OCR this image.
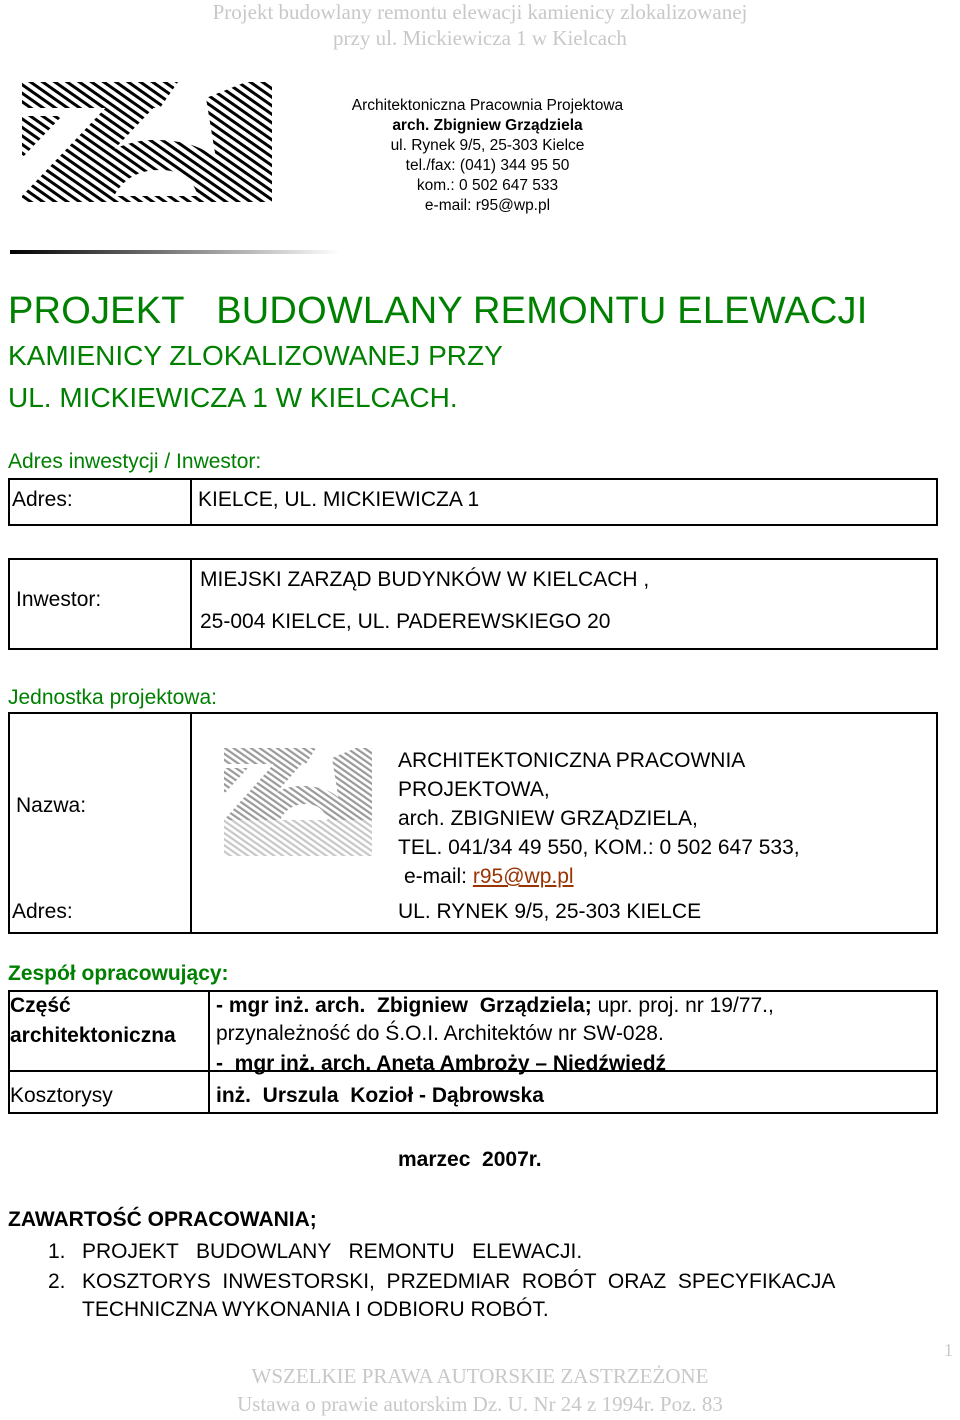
Projekt budowlany remontu elewacji kamienicy zlokalizowanej
przy ul. Mickiewicza 1 w Kielcach
Architektoniczna Pracownia Projektowa
arch. Zbigniew Grządziela
ul. Rynek 9/5, 25-303 Kielce
tel./fax: (041) 344 95 50
kom.: 0 502 647 533
e-mail: r95@wp.pl
PROJEKT   BUDOWLANY REMONTU ELEWACJI
KAMIENICY ZLOKALIZOWANEJ PRZY
UL. MICKIEWICZA 1 W KIELCACH.
Adres inwestycji / Inwestor:
Adres:	KIELCE, UL. MICKIEWICZA 1
Inwestor:
MIEJSKI ZARZĄD BUDYNKÓW W KIELCACH ,
25-004 KIELCE, UL. PADEREWSKIEGO 20
Jednostka projektowa:
Nazwa:
Adres:
ARCHITEKTONICZNA PRACOWNIA
PROJEKTOWA,
arch. ZBIGNIEW GRZĄDZIELA,
TEL. 041/34 49 550, KOM.: 0 502 647 533,
e-mail: r95@wp.pl
UL. RYNEK 9/5, 25-303 KIELCE
Zespół opracowujący:
Część
architektoniczna
- mgr inż. arch.  Zbigniew  Grządziela; upr. proj. nr 19/77.,
przynależność do Ś.O.I. Architektów nr SW-028.
-  mgr inż. arch. Aneta Ambroży – Niedźwiedź
Kosztorysy	inż.  Urszula  Kozioł - Dąbrowska
marzec  2007r.
ZAWARTOŚĆ OPRACOWANIA;
1. PROJEKT   BUDOWLANY   REMONTU   ELEWACJI.
2. KOSZTORYS  INWESTORSKI,  PRZEDMIAR  ROBÓT  ORAZ  SPECYFIKACJA
TECHNICZNA WYKONANIA I ODBIORU ROBÓT.
1
WSZELKIE PRAWA AUTORSKIE ZASTRZEŻONE
Ustawa o prawie autorskim Dz. U. Nr 24 z 1994r. Poz. 83
